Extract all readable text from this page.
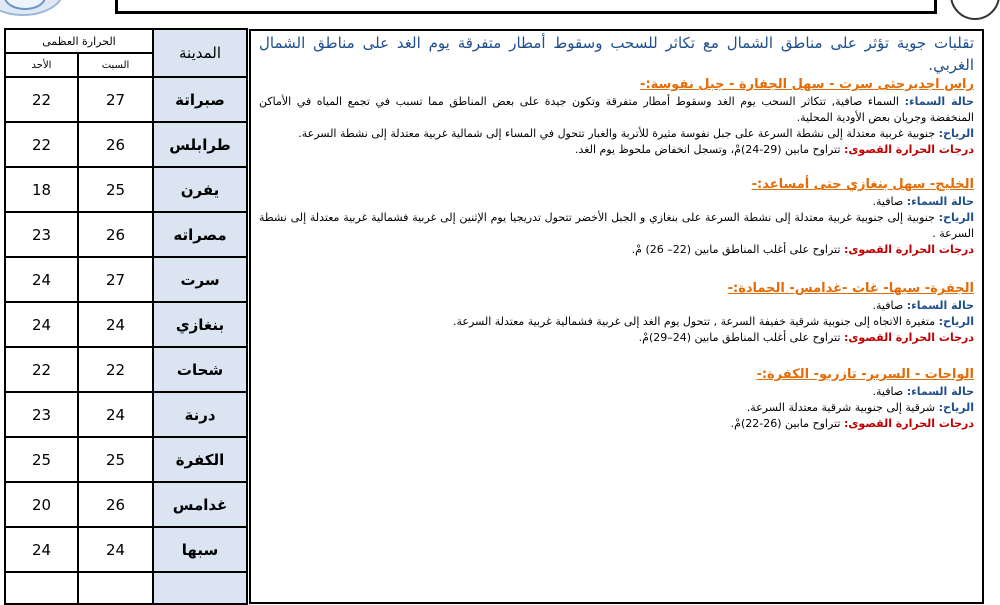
الحرارة العظمى		المدينة
الأحد	السبت	
22	27	صبراتة
22	26	طرابلس
18	25	يفرن
23	26	مصراته
24	27	سرت
24	24	بنغازي
22	22	شحات
23	24	درنة
25	25	الكفرة
20	26	غدامس
24	24	سبها

تقلبات جوية تؤثر على مناطق الشمال مع تكاثر للسحب وسقوط أمطار متفرقة يوم الغد على مناطق الشمال الغربي.

راس اجديرحتى سرت - سهل الجفارة - جبل نفوسة:-

حالة السماء: السماء صافية, تتكاثر السحب يوم الغد وسقوط أمطار متفرقة وتكون جيدة على بعض المناطق مما تسبب في تجمع المياه في الأماكن المنخفضة وجريان بعض الأودية المحلية.

الرياح: جنوبية غربية معتدلة إلى نشطة السرعة على جبل نفوسة مثيرة للأتربة والغبار تتحول في المساء إلى شمالية غربية معتدلة إلى نشطة السرعة.

درجات الحرارة القصوى: تتراوح مابين (29-24)مْ، وتسجل انخفاض ملحوظ يوم الغد.

الخليج- سهل بنغازي حتى أمساعد:-

حالة السماء: صافية.

الرياح: جنوبية إلى جنوبية غربية معتدلة إلى نشطة السرعة على بنغازي و الجبل الأخضر تتحول تدريجيا يوم الإثنين إلى غربية فشمالية غربية معتدلة إلى نشطة السرعة .

درجات الحرارة القصوى: تتراوح على أغلب المناطق مابين (22– 26) مْ.

الجفرة- سبها- غات -غدامس- الحمادة:-

حالة السماء: صافية.

الرياح: متغيرة الاتجاه إلى جنوبية شرقية خفيفة السرعة , تتحول يوم الغد إلى غربية فشمالية غربية معتدلة السرعة.

درجات الحرارة القصوى: تتراوح على أغلب المناطق مابين (24–29)مْ.

الواحات - السرير- تازربو- الكفرة:-

حالة السماء: صافية.

الرياح: شرقية إلى جنوبية شرقية معتدلة السرعة.

درجات الحرارة القصوى: تتراوح مابين (26-22)مْ.
